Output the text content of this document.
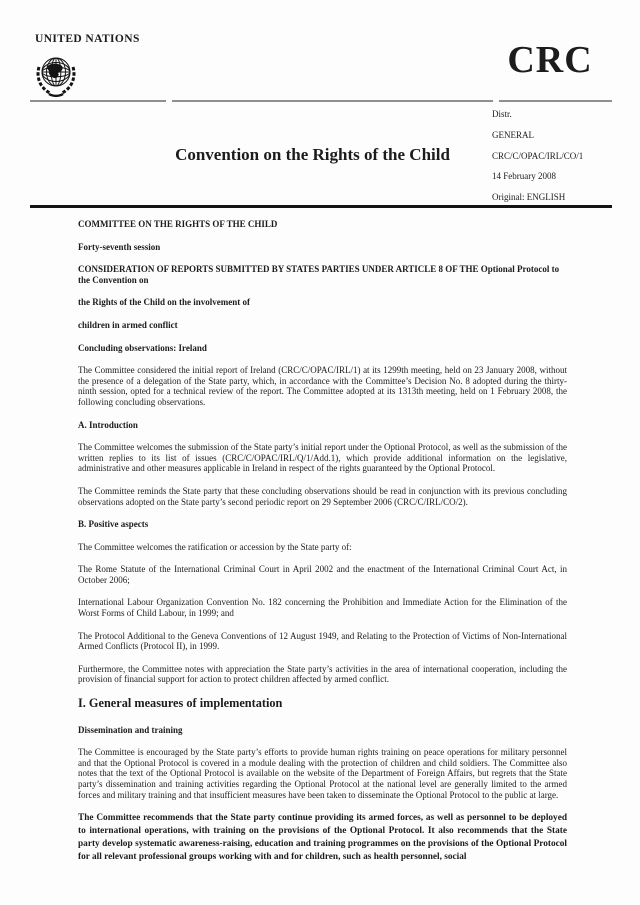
UNITED NATIONS	CRC
Convention on the Rights of the Child
Distr.
GENERAL
CRC/C/OPAC/IRL/CO/1
14 February 2008
Original: ENGLISH

COMMITTEE ON THE RIGHTS OF THE CHILD

Forty-seventh session

CONSIDERATION OF REPORTS SUBMITTED BY STATES PARTIES UNDER ARTICLE 8 OF THE Optional Protocol to the Convention on

the Rights of the Child on the involvement of

children in armed conflict

Concluding observations: Ireland

The Committee considered the initial report of Ireland (CRC/C/OPAC/IRL/1) at its 1299th meeting, held on 23 January 2008, without the presence of a delegation of the State party, which, in accordance with the Committee’s Decision No. 8 adopted during the thirty-ninth session, opted for a technical review of the report. The Committee adopted at its 1313th meeting, held on 1 February 2008, the following concluding observations.

A. Introduction

The Committee welcomes the submission of the State party’s initial report under the Optional Protocol, as well as the submission of the written replies to its list of issues (CRC/C/OPAC/IRL/Q/1/Add.1), which provide additional information on the legislative, administrative and other measures applicable in Ireland in respect of the rights guaranteed by the Optional Protocol.

The Committee reminds the State party that these concluding observations should be read in conjunction with its previous concluding observations adopted on the State party’s second periodic report on 29 September 2006 (CRC/C/IRL/CO/2).

B. Positive aspects

The Committee welcomes the ratification or accession by the State party of:

The Rome Statute of the International Criminal Court in April 2002 and the enactment of the International Criminal Court Act, in October 2006;

International Labour Organization Convention No. 182 concerning the Prohibition and Immediate Action for the Elimination of the Worst Forms of Child Labour, in 1999; and

The Protocol Additional to the Geneva Conventions of 12 August 1949, and Relating to the Protection of Victims of Non-International Armed Conflicts (Protocol II), in 1999.

Furthermore, the Committee notes with appreciation the State party’s activities in the area of international cooperation, including the provision of financial support for action to protect children affected by armed conflict.

I. General measures of implementation

Dissemination and training

The Committee is encouraged by the State party’s efforts to provide human rights training on peace operations for military personnel and that the Optional Protocol is covered in a module dealing with the protection of children and child soldiers. The Committee also notes that the text of the Optional Protocol is available on the website of the Department of Foreign Affairs, but regrets that the State party’s dissemination and training activities regarding the Optional Protocol at the national level are generally limited to the armed forces and military training and that insufficient measures have been taken to disseminate the Optional Protocol to the public at large.

The Committee recommends that the State party continue providing its armed forces, as well as personnel to be deployed to international operations, with training on the provisions of the Optional Protocol. It also recommends that the State party develop systematic awareness-raising, education and training programmes on the provisions of the Optional Protocol for all relevant professional groups working with and for children, such as health personnel, social
